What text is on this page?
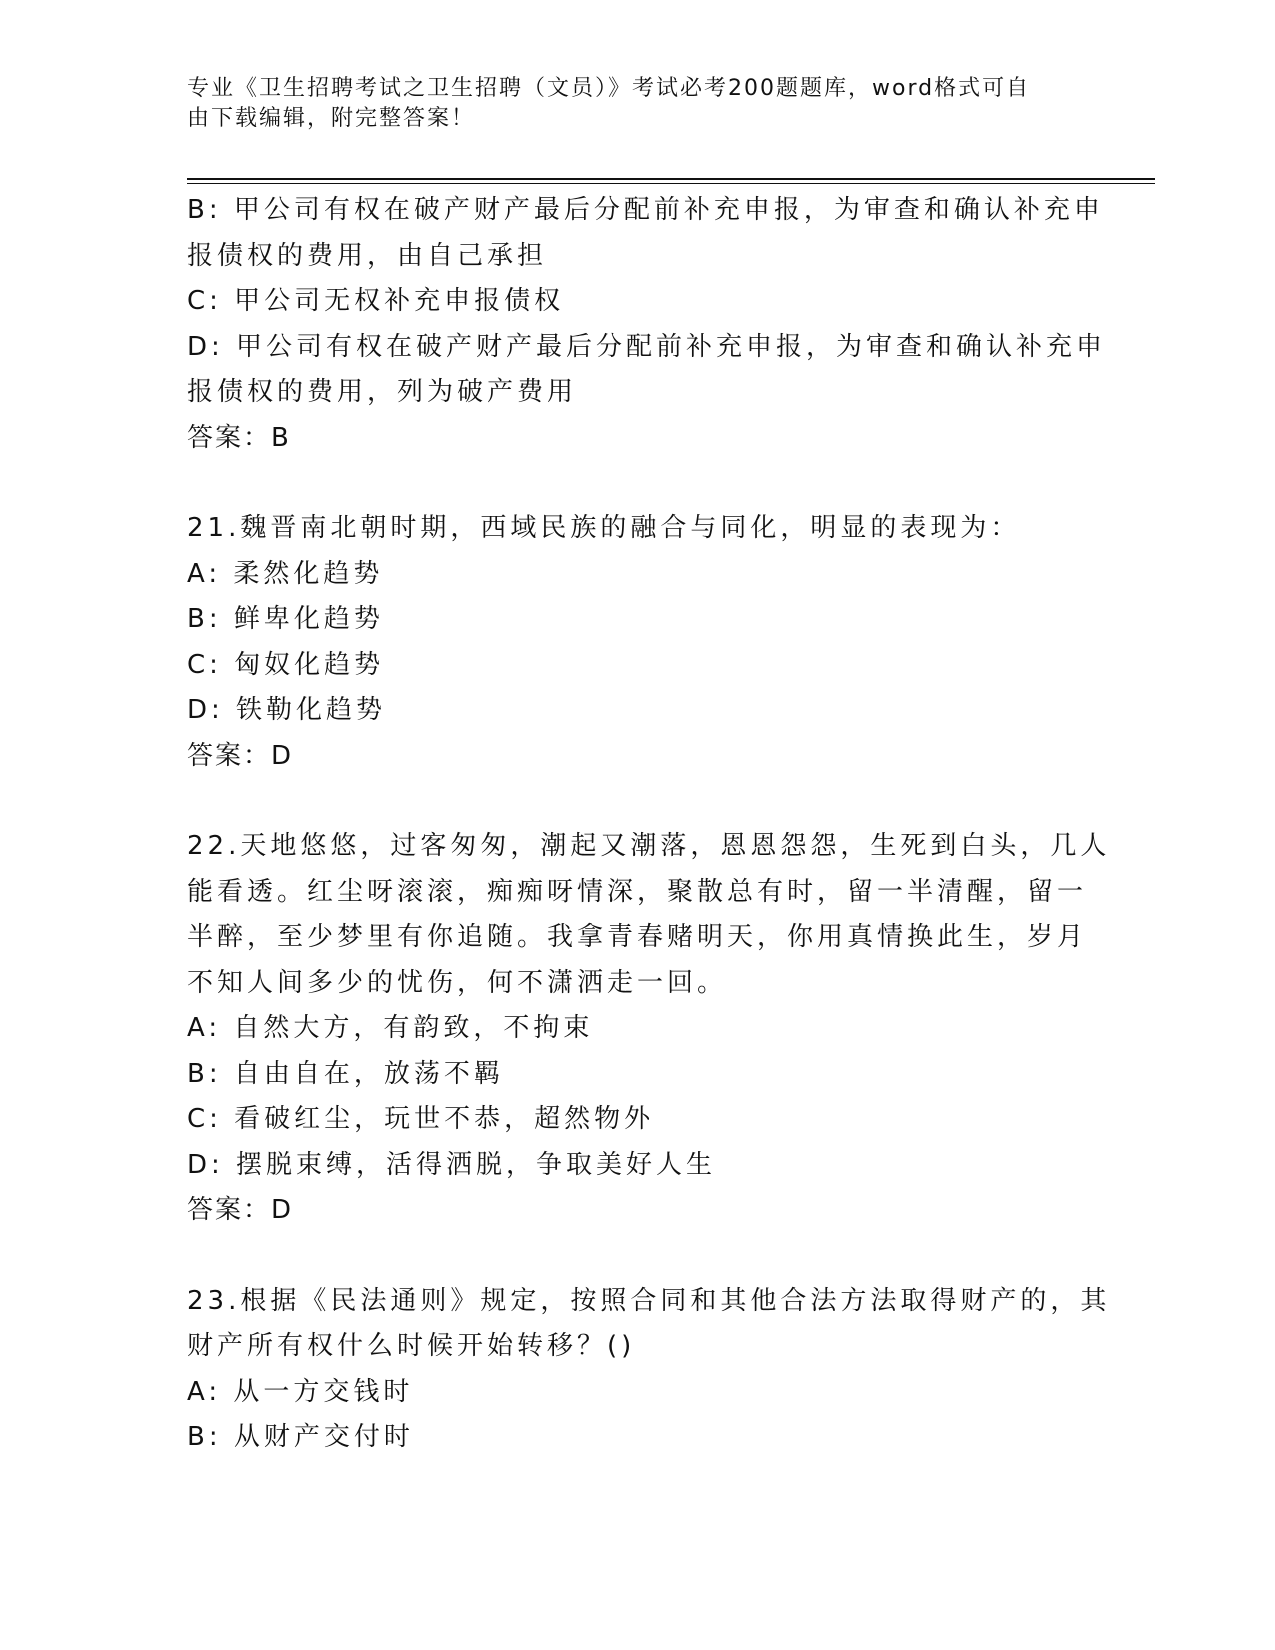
专业《卫生招聘考试之卫生招聘（文员）》考试必考200题题库，word格式可自
由下载编辑，附完整答案！
B: 甲公司有权在破产财产最后分配前补充申报，为审查和确认补充申
报债权的费用，由自己承担
C: 甲公司无权补充申报债权
D: 甲公司有权在破产财产最后分配前补充申报，为审查和确认补充申
报债权的费用，列为破产费用
答案：B
21.魏晋南北朝时期，西域民族的融合与同化，明显的表现为：
A: 柔然化趋势
B: 鲜卑化趋势
C: 匈奴化趋势
D: 铁勒化趋势
答案：D
22.天地悠悠，过客匆匆，潮起又潮落，恩恩怨怨，生死到白头，几人
能看透。红尘呀滚滚，痴痴呀情深，聚散总有时，留一半清醒，留一
半醉，至少梦里有你追随。我拿青春赌明天，你用真情换此生，岁月
不知人间多少的忧伤，何不潇洒走一回。
A: 自然大方，有韵致，不拘束
B: 自由自在，放荡不羁
C: 看破红尘，玩世不恭，超然物外
D: 摆脱束缚，活得洒脱，争取美好人生
答案：D
23.根据《民法通则》规定，按照合同和其他合法方法取得财产的，其
财产所有权什么时候开始转移？()
A: 从一方交钱时
B: 从财产交付时
